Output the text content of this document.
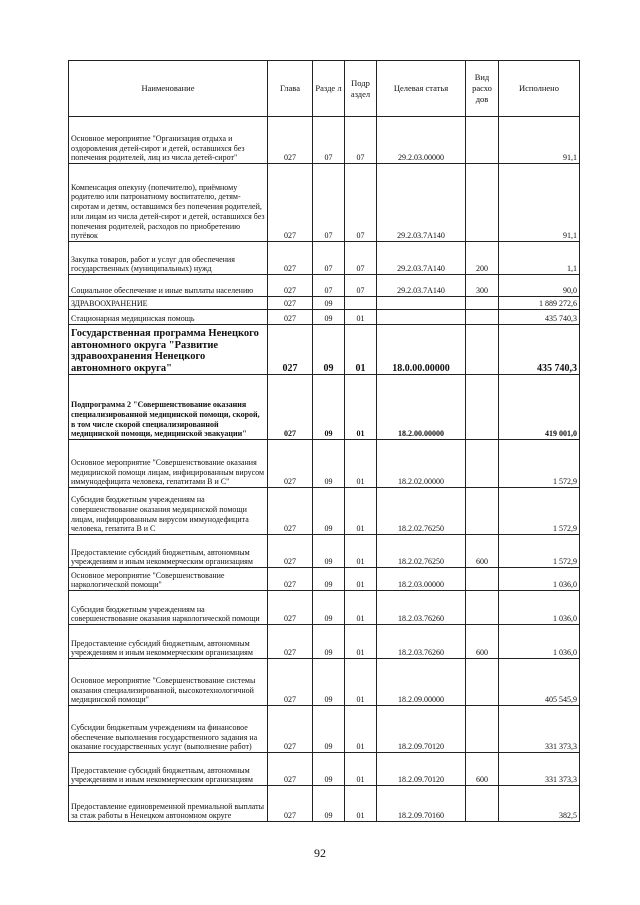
Наименование	Глава	Разде л	Подр аздел	Целевая статья	Вид расхо дов	Исполнено
Основное мероприятие "Организация отдыха и оздоровления детей-сирот и детей, оставшихся без попечения родителей, лиц из числа детей-сирот"	027	07	07	29.2.03.00000		91,1
Компенсация опекуну (попечителю), приёмному родителю или патронатному воспитателю, детям-сиротам и детям, оставшимся без попечения родителей, или лицам из числа детей-сирот и детей, оставшихся без попечения родителей, расходов по приобретению путёвок	027	07	07	29.2.03.7А140		91,1
Закупка товаров, работ и услуг для обеспечения государственных (муниципальных) нужд	027	07	07	29.2.03.7А140	200	1,1
Социальное обеспечение и иные выплаты населению	027	07	07	29.2.03.7А140	300	90,0
ЗДРАВООХРАНЕНИЕ	027	09				1 889 272,6
Стационарная медицинская помощь	027	09	01			435 740,3
Государственная программа Ненецкого автономного округа "Развитие здравоохранения Ненецкого автономного округа"	027	09	01	18.0.00.00000		435 740,3
Подпрограмма 2 "Совершенствование оказания специализированной медицинской помощи, скорой, в том числе скорой специализированной медицинской помощи, медицинской эвакуации"	027	09	01	18.2.00.00000		419 001,0
Основное мероприятие "Совершенствование оказания медицинской помощи лицам, инфицированным вирусом иммунодефицита человека, гепатитами В и С"	027	09	01	18.2.02.00000		1 572,9
Субсидия бюджетным учреждениям на совершенствование оказания медицинской помощи лицам, инфицированным вирусом иммунодефицита человека, гепатита В и С	027	09	01	18.2.02.76250		1 572,9
Предоставление субсидий бюджетным, автономным учреждениям и иным некоммерческим организациям	027	09	01	18.2.02.76250	600	1 572,9
Основное мероприятие "Совершенствование наркологической помощи"	027	09	01	18.2.03.00000		1 036,0
Субсидия бюджетным учреждениям на совершенствование оказания наркологической помощи	027	09	01	18.2.03.76260		1 036,0
Предоставление субсидий бюджетным, автономным учреждениям и иным некоммерческим организациям	027	09	01	18.2.03.76260	600	1 036,0
Основное мероприятие "Совершенствование системы оказания специализированной, высокотехнологичной медицинской помощи"	027	09	01	18.2.09.00000		405 545,9
Субсидии бюджетным учреждениям на финансовое обеспечение выполнения государственного задания на оказание государственных услуг (выполнение работ)	027	09	01	18.2.09.70120		331 373,3
Предоставление субсидий бюджетным, автономным учреждениям и иным некоммерческим организациям	027	09	01	18.2.09.70120	600	331 373,3
Предоставление единовременной премиальной выплаты за стаж работы в Ненецком автономном округе	027	09	01	18.2.09.70160		382,5
92
